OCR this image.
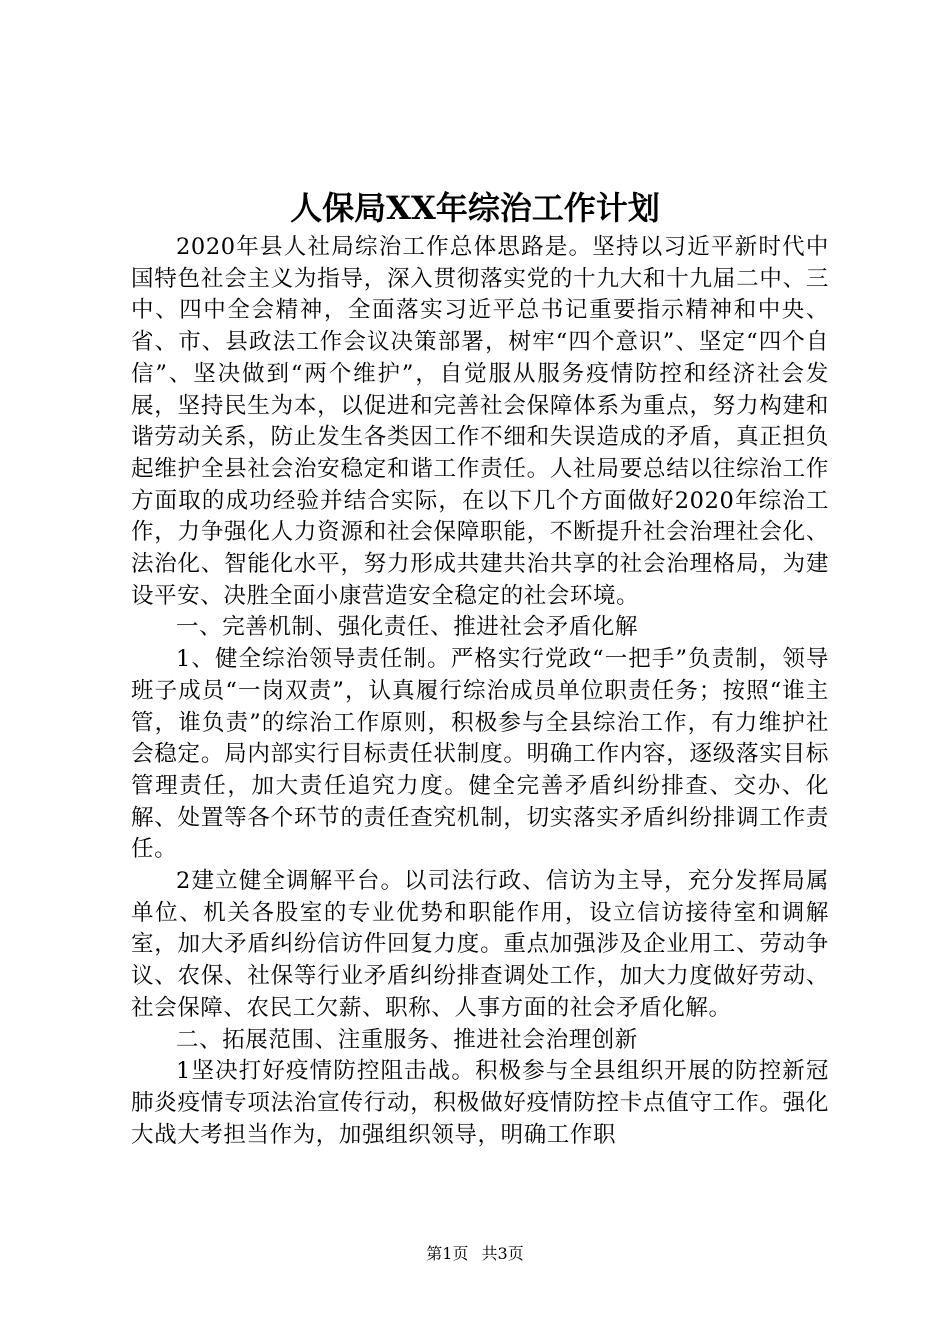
人保局XX年综治工作计划

2020年县人社局综治工作总体思路是。坚持以习近平新时代中国特色社会主义为指导，深入贯彻落实党的十九大和十九届二中、三中、四中全会精神，全面落实习近平总书记重要指示精神和中央、省、市、县政法工作会议决策部署，树牢“四个意识”、坚定“四个自信”、坚决做到“两个维护”，自觉服从服务疫情防控和经济社会发展，坚持民生为本，以促进和完善社会保障体系为重点，努力构建和谐劳动关系，防止发生各类因工作不细和失误造成的矛盾，真正担负起维护全县社会治安稳定和谐工作责任。人社局要总结以往综治工作方面取的成功经验并结合实际，在以下几个方面做好2020年综治工作，力争强化人力资源和社会保障职能，不断提升社会治理社会化、法治化、智能化水平，努力形成共建共治共享的社会治理格局，为建设平安、决胜全面小康营造安全稳定的社会环境。

一、完善机制、强化责任、推进社会矛盾化解

1、健全综治领导责任制。严格实行党政“一把手”负责制，领导班子成员“一岗双责”，认真履行综治成员单位职责任务；按照“谁主管，谁负责”的综治工作原则，积极参与全县综治工作，有力维护社会稳定。局内部实行目标责任状制度。明确工作内容，逐级落实目标管理责任，加大责任追究力度。健全完善矛盾纠纷排查、交办、化解、处置等各个环节的责任查究机制，切实落实矛盾纠纷排调工作责任。

2建立健全调解平台。以司法行政、信访为主导，充分发挥局属单位、机关各股室的专业优势和职能作用，设立信访接待室和调解室，加大矛盾纠纷信访件回复力度。重点加强涉及企业用工、劳动争议、农保、社保等行业矛盾纠纷排查调处工作，加大力度做好劳动、社会保障、农民工欠薪、职称、人事方面的社会矛盾化解。

二、拓展范围、注重服务、推进社会治理创新

1坚决打好疫情防控阻击战。积极参与全县组织开展的防控新冠肺炎疫情专项法治宣传行动，积极做好疫情防控卡点值守工作。强化大战大考担当作为，加强组织领导，明确工作职

第1页 共3页
